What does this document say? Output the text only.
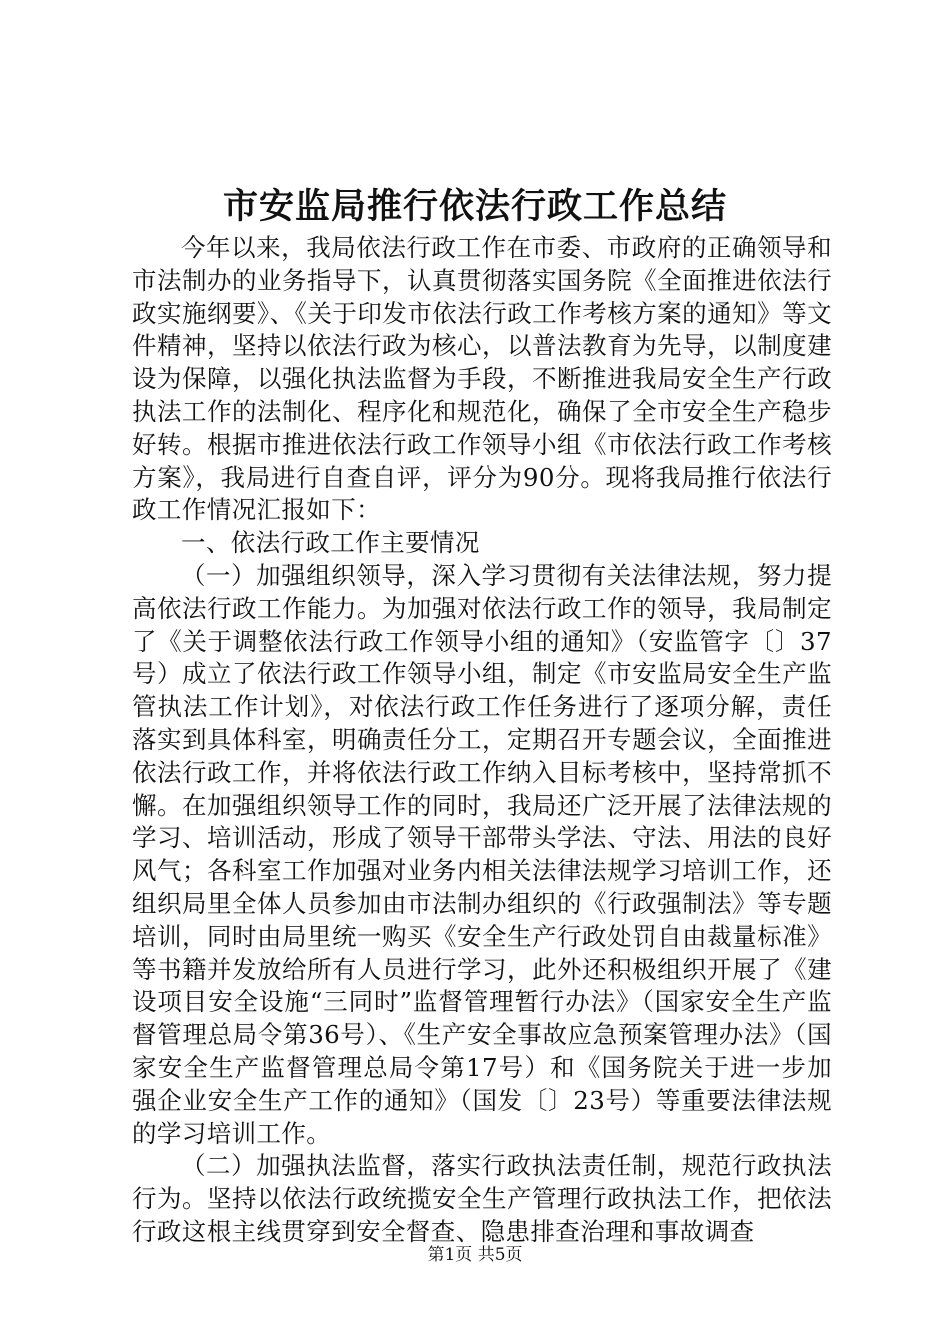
市安监局推行依法行政工作总结

今年以来，我局依法行政工作在市委、市政府的正确领导和市法制办的业务指导下，认真贯彻落实国务院《全面推进依法行政实施纲要》、《关于印发市依法行政工作考核方案的通知》等文件精神，坚持以依法行政为核心，以普法教育为先导，以制度建设为保障，以强化执法监督为手段，不断推进我局安全生产行政执法工作的法制化、程序化和规范化，确保了全市安全生产稳步好转。根据市推进依法行政工作领导小组《市依法行政工作考核方案》，我局进行自查自评，评分为90分。现将我局推行依法行政工作情况汇报如下：

一、依法行政工作主要情况

（一）加强组织领导，深入学习贯彻有关法律法规，努力提高依法行政工作能力。为加强对依法行政工作的领导，我局制定了《关于调整依法行政工作领导小组的通知》（安监管字〔〕37号）成立了依法行政工作领导小组，制定《市安监局安全生产监管执法工作计划》，对依法行政工作任务进行了逐项分解，责任落实到具体科室，明确责任分工，定期召开专题会议，全面推进依法行政工作，并将依法行政工作纳入目标考核中，坚持常抓不懈。在加强组织领导工作的同时，我局还广泛开展了法律法规的学习、培训活动，形成了领导干部带头学法、守法、用法的良好风气；各科室工作加强对业务内相关法律法规学习培训工作，还组织局里全体人员参加由市法制办组织的《行政强制法》等专题培训，同时由局里统一购买《安全生产行政处罚自由裁量标准》等书籍并发放给所有人员进行学习，此外还积极组织开展了《建设项目安全设施“三同时”监督管理暂行办法》（国家安全生产监督管理总局令第36号）、《生产安全事故应急预案管理办法》（国家安全生产监督管理总局令第17号）和《国务院关于进一步加强企业安全生产工作的通知》（国发〔〕23号）等重要法律法规的学习培训工作。

（二）加强执法监督，落实行政执法责任制，规范行政执法行为。坚持以依法行政统揽安全生产管理行政执法工作，把依法行政这根主线贯穿到安全督查、隐患排查治理和事故调查

第1页 共5页
